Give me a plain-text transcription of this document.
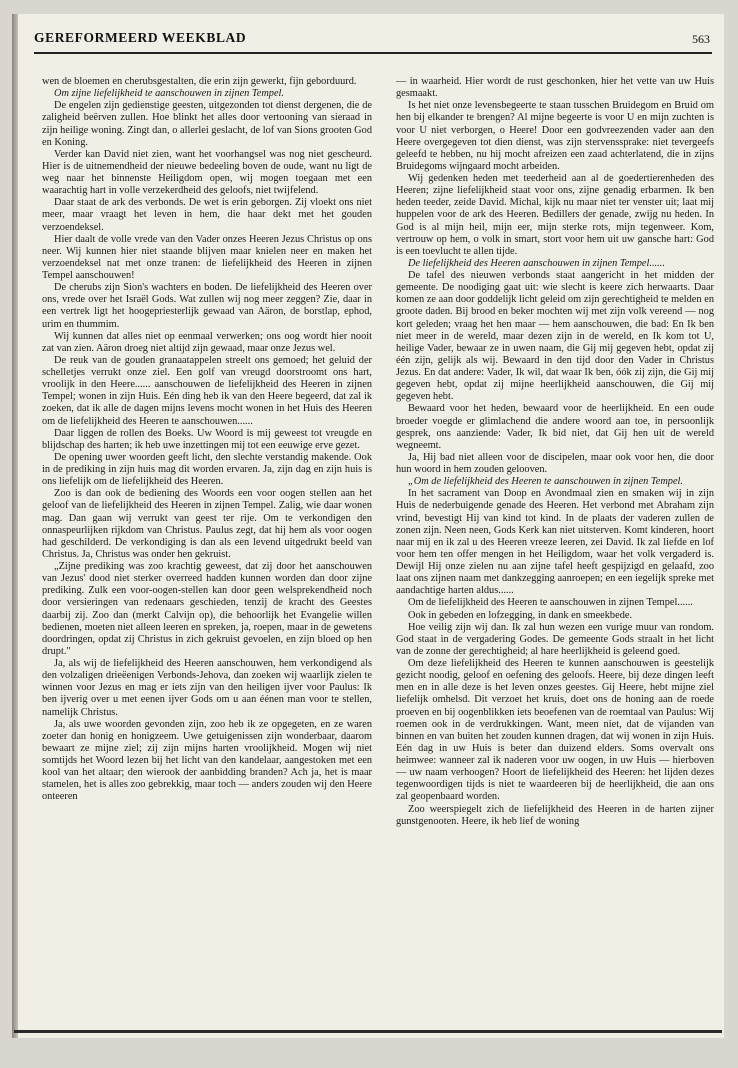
GEREFORMEERD WEEKBLAD	563

wen de bloemen en cherubsgestalten, die erin zijn gewerkt, fijn geborduurd.

Om zijne liefelijkheid te aanschouwen in zijnen Tempel.

De engelen zijn gedienstige geesten, uitgezonden tot dienst dergenen, die de zaligheid beërven zullen. Hoe blinkt het alles door vertooning van sieraad in zijn heilige woning. Zingt dan, o allerlei geslacht, de lof van Sions grooten God en Koning.

Verder kan David niet zien, want het voorhangsel was nog niet gescheurd. Hier is de uitnemendheid der nieuwe bedeeling boven de oude, want nu ligt de weg naar het binnenste Heiligdom open, wij mogen toegaan met een waarachtig hart in volle verzekerdheid des geloofs, niet twijfelend.

Daar staat de ark des verbonds. De wet is erin geborgen. Zij vloekt ons niet meer, maar vraagt het leven in hem, die haar dekt met het gouden verzoendeksel.

Hier daalt de volle vrede van den Vader onzes Heeren Jezus Christus op ons neer. Wij kunnen hier niet staande blijven maar knielen neer en maken het verzoendeksel nat met onze tranen: de liefelijkheid des Heeren in zijnen Tempel aanschouwen!

De cherubs zijn Sion's wachters en boden. De liefelijkheid des Heeren over ons, vrede over het Israël Gods. Wat zullen wij nog meer zeggen? Zie, daar in een vertrek ligt het hoogepriesterlijk gewaad van Aäron, de borstlap, ephod, urim en thummim.

Wij kunnen dat alles niet op eenmaal verwerken; ons oog wordt hier nooit zat van zien. Aäron droeg niet altijd zijn gewaad, maar onze Jezus wel.

De reuk van de gouden granaatappelen streelt ons gemoed; het geluid der schelletjes verrukt onze ziel. Een golf van vreugd doorstroomt ons hart, vroolijk in den Heere...... aanschouwen de liefelijkheid des Heeren in zijnen Tempel; wonen in zijn Huis. Eén ding heb ik van den Heere begeerd, dat zal ik zoeken, dat ik alle de dagen mijns levens mocht wonen in het Huis des Heeren om de liefelijkheid des Heeren te aanschouwen......

Daar liggen de rollen des Boeks. Uw Woord is mij geweest tot vreugde en blijdschap des harten; ik heb uwe inzettingen mij tot een eeuwige erve gezet.

De opening uwer woorden geeft licht, den slechte verstandig makende. Ook in de prediking in zijn huis mag dit worden ervaren. Ja, zijn dag en zijn huis is ons liefelijk om de liefelijkheid des Heeren.

Zoo is dan ook de bediening des Woords een voor oogen stellen aan het geloof van de liefelijkheid des Heeren in zijnen Tempel. Zalig, wie daar wonen mag. Dan gaan wij verrukt van geest ter rije. Om te verkondigen den onnaspeurlijken rijkdom van Christus. Paulus zegt, dat hij hem als voor oogen had geschilderd. De verkondiging is dan als een levend uitgedrukt beeld van Christus. Ja, Christus was onder hen gekruist.

„Zijne prediking was zoo krachtig geweest, dat zij door het aanschouwen van Jezus' dood niet sterker overreed hadden kunnen worden dan door zijne prediking. Zulk een voor-oogen-stellen kan door geen welsprekendheid noch door versieringen van redenaars geschieden, tenzij de kracht des Geestes daarbij zij. Zoo dan (merkt Calvijn op), die behoorlijk het Evangelie willen bedienen, moeten niet alleen leeren en spreken, ja, roepen, maar in de gewetens doordringen, opdat zij Christus in zich gekruist gevoelen, en zijn bloed op hen drupt."

Ja, als wij de liefelijkheid des Heeren aanschouwen, hem verkondigend als den volzaligen drieëenigen Verbonds-Jehova, dan zoeken wij waarlijk zielen te winnen voor Jezus en mag er iets zijn van den heiligen ijver voor Paulus: Ik ben ijverig over u met eenen ijver Gods om u aan éénen man voor te stellen, namelijk Christus.

Ja, als uwe woorden gevonden zijn, zoo heb ik ze opgegeten, en ze waren zoeter dan honig en honigzeem. Uwe getuigenissen zijn wonderbaar, daarom bewaart ze mijne ziel; zij zijn mijns harten vroolijkheid. Mogen wij niet somtijds het Woord lezen bij het licht van den kandelaar, aangestoken met een kool van het altaar; den wierook der aanbidding branden? Ach ja, het is maar stamelen, het is alles zoo gebrekkig, maar toch — anders zouden wij den Heere onteeren

— in waarheid. Hier wordt de rust geschonken, hier het vette van uw Huis gesmaakt.

Is het niet onze levensbegeerte te staan tusschen Bruidegom en Bruid om hen bij elkander te brengen? Al mijne begeerte is voor U en mijn zuchten is voor U niet verborgen, o Heere! Door een godvreezenden vader aan den Heere overgegeven tot dien dienst, was zijn stervenssprake: niet tevergeefs geleefd te hebben, nu hij mocht afreizen een zaad achterlatend, die in zijns Bruidegoms wijngaard mocht arbeiden.

Wij gedenken heden met teederheid aan al de goedertierenheden des Heeren; zijne liefelijkheid staat voor ons, zijne genadig erbarmen. Ik ben heden teeder, zeide David. Michal, kijk nu maar niet ter venster uit; laat mij huppelen voor de ark des Heeren. Bedillers der genade, zwijg nu heden. In God is al mijn heil, mijn eer, mijn sterke rots, mijn tegenweer. Kom, vertrouw op hem, o volk in smart, stort voor hem uit uw gansche hart: God is een toevlucht te allen tijde.

De liefelijkheid des Heeren aanschouwen in zijnen Tempel......

De tafel des nieuwen verbonds staat aangericht in het midden der gemeente. De noodiging gaat uit: wie slecht is keere zich herwaarts. Daar komen ze aan door goddelijk licht geleid om zijn gerechtigheid te melden en groote daden. Bij brood en beker mochten wij met zijn volk vereend — nog kort geleden; vraag het hen maar — hem aanschouwen, die bad: En Ik ben niet meer in de wereld, maar dezen zijn in de wereld, en Ik kom tot U, heilige Vader, bewaar ze in uwen naam, die Gij mij gegeven hebt, opdat zij één zijn, gelijk als wij. Bewaard in den tijd door den Vader in Christus Jezus. En dat andere: Vader, Ik wil, dat waar Ik ben, óók zij zijn, die Gij mij gegeven hebt, opdat zij mijne heerlijkheid aanschouwen, die Gij mij gegeven hebt.

Bewaard voor het heden, bewaard voor de heerlijkheid. En een oude broeder voegde er glimlachend die andere woord aan toe, in persoonlijk gesprek, ons aanziende: Vader, Ik bid niet, dat Gij hen uit de wereld wegneemt.

Ja, Hij bad niet alleen voor de discipelen, maar ook voor hen, die door hun woord in hem zouden gelooven.

„Om de liefelijkheid des Heeren te aanschouwen in zijnen Tempel.

In het sacrament van Doop en Avondmaal zien en smaken wij in zijn Huis de nederbuigende genade des Heeren. Het verbond met Abraham zijn vrind, bevestigt Hij van kind tot kind. In de plaats der vaderen zullen de zonen zijn. Neen neen, Gods Kerk kan niet uitsterven. Komt kinderen, hoort naar mij en ik zal u des Heeren vreeze leeren, zei David. Ik zal liefde en lof voor hem ten offer mengen in het Heiligdom, waar het volk vergaderd is. Dewijl Hij onze zielen nu aan zijne tafel heeft gespijzigd en gelaafd, zoo laat ons zijnen naam met dankzegging aanroepen; en een iegelijk spreke met aandachtige harten aldus......

Om de liefelijkheid des Heeren te aanschouwen in zijnen Tempel......

Ook in gebeden en lofzegging, in dank en smeekbede.

Hoe veilig zijn wij dan. Ik zal hun wezen een vurige muur van rondom. God staat in de vergadering Godes. De gemeente Gods straalt in het licht van de zonne der gerechtigheid; al hare heerlijkheid is geleend goed.

Om deze liefelijkheid des Heeren te kunnen aanschouwen is geestelijk gezicht noodig, geloof en oefening des geloofs. Heere, bij deze dingen leeft men en in alle deze is het leven onzes geestes. Gij Heere, hebt mijne ziel liefelijk omhelsd. Dit verzoet het kruis, doet ons de honing aan de roede proeven en bij oogenblikken iets beoefenen van de roemtaal van Paulus: Wij roemen ook in de verdrukkingen. Want, meen niet, dat de vijanden van binnen en van buiten het zouden kunnen dragen, dat wij wonen in zijn Huis. Eén dag in uw Huis is beter dan duizend elders. Soms overvalt ons heimwee: wanneer zal ik naderen voor uw oogen, in uw Huis — hierboven — uw naam verhoogen? Hoort de liefelijkheid des Heeren: het lijden dezes tegenwoordigen tijds is niet te waardeeren bij de heerlijkheid, die aan ons zal geopenbaard worden.

Zoo weerspiegelt zich de liefelijkheid des Heeren in de harten zijner gunstgenooten. Heere, ik heb lief de woning
